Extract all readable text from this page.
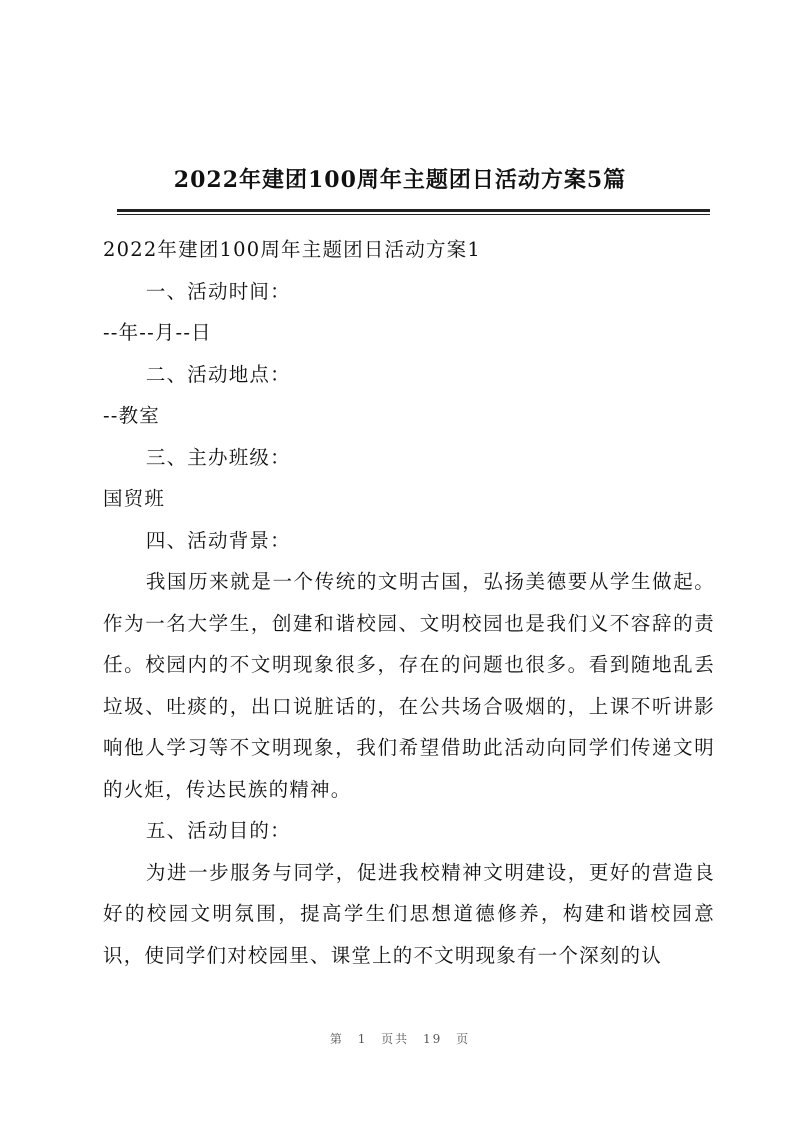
2022年建团100周年主题团日活动方案5篇

2022年建团100周年主题团日活动方案1

一、活动时间：

--年--月--日

二、活动地点：

--教室

三、主办班级：

国贸班

四、活动背景：

我国历来就是一个传统的文明古国，弘扬美德要从学生做起。作为一名大学生，创建和谐校园、文明校园也是我们义不容辞的责任。校园内的不文明现象很多，存在的问题也很多。看到随地乱丢垃圾、吐痰的，出口说脏话的，在公共场合吸烟的，上课不听讲影响他人学习等不文明现象，我们希望借助此活动向同学们传递文明的火炬，传达民族的精神。

五、活动目的：

为进一步服务与同学，促进我校精神文明建设，更好的营造良好的校园文明氛围，提高学生们思想道德修养，构建和谐校园意识，使同学们对校园里、课堂上的不文明现象有一个深刻的认

第 1 页共 19 页
